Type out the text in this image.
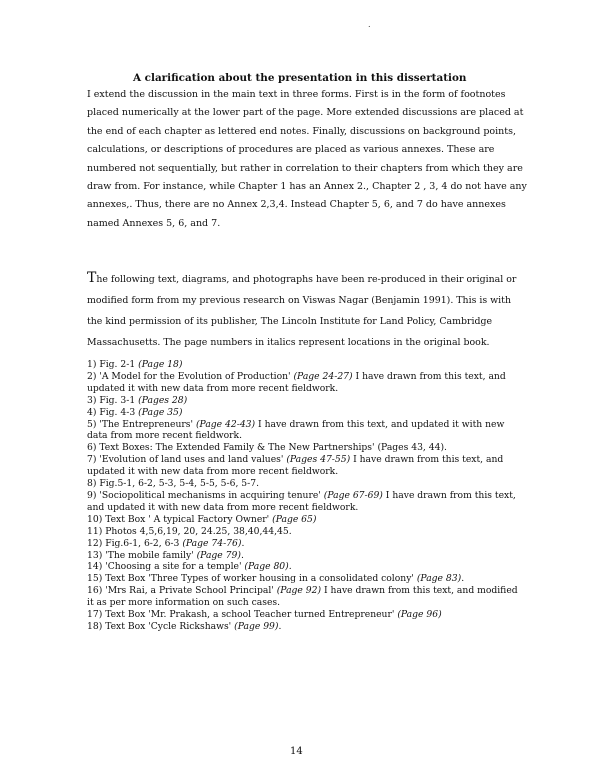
.
A clarification about the presentation in this dissertation

I extend the discussion in the main text in three forms. First is in the form of footnotes placed numerically at the lower part of the page. More extended discussions are placed at the end of each chapter as lettered end notes. Finally, discussions on background points, calculations, or descriptions of procedures are placed as various annexes. These are numbered not sequentially, but rather in correlation to their chapters from which they are draw from. For instance, while Chapter 1 has an Annex 2., Chapter 2 , 3, 4 do not have any annexes,. Thus, there are no Annex 2,3,4. Instead Chapter 5, 6, and 7 do have annexes named Annexes 5, 6, and 7.

The following text, diagrams, and photographs have been re-produced in their original or modified form from my previous research on Viswas Nagar (Benjamin 1991). This is with the kind permission of its publisher, The Lincoln Institute for Land Policy, Cambridge Massachusetts. The page numbers in italics represent locations in the original book.

1) Fig. 2-1 (Page 18)
2) 'A Model for the Evolution of Production' (Page 24-27) I have drawn from this text, and updated it with new data from more recent fieldwork.
3) Fig. 3-1 (Pages 28)
4) Fig. 4-3 (Page 35)
5) 'The Entrepreneurs' (Page 42-43) I have drawn from this text, and updated it with new data from more recent fieldwork.
6) Text Boxes: The Extended Family & The New Partnerships' (Pages 43, 44).
7) 'Evolution of land uses and land values' (Pages 47-55) I have drawn from this text, and updated it with new data from more recent fieldwork.
8) Fig.5-1, 6-2, 5-3, 5-4, 5-5, 5-6, 5-7.
9) 'Sociopolitical mechanisms in acquiring tenure' (Page 67-69) I have drawn from this text, and updated it with new data from more recent fieldwork.
10) Text Box ' A typical Factory Owner' (Page 65)
11) Photos 4,5,6,19, 20, 24.25, 38,40,44,45.
12) Fig.6-1, 6-2, 6-3 (Page 74-76).
13) 'The mobile family' (Page 79).
14) 'Choosing a site for a temple' (Page 80).
15) Text Box 'Three Types of worker housing in a consolidated colony' (Page 83).
16) 'Mrs Rai, a Private School Principal' (Page 92) I have drawn from this text, and modified it as per more information on such cases.
17) Text Box 'Mr. Prakash, a school Teacher turned Entrepreneur' (Page 96)
18) Text Box 'Cycle Rickshaws' (Page 99).
14
